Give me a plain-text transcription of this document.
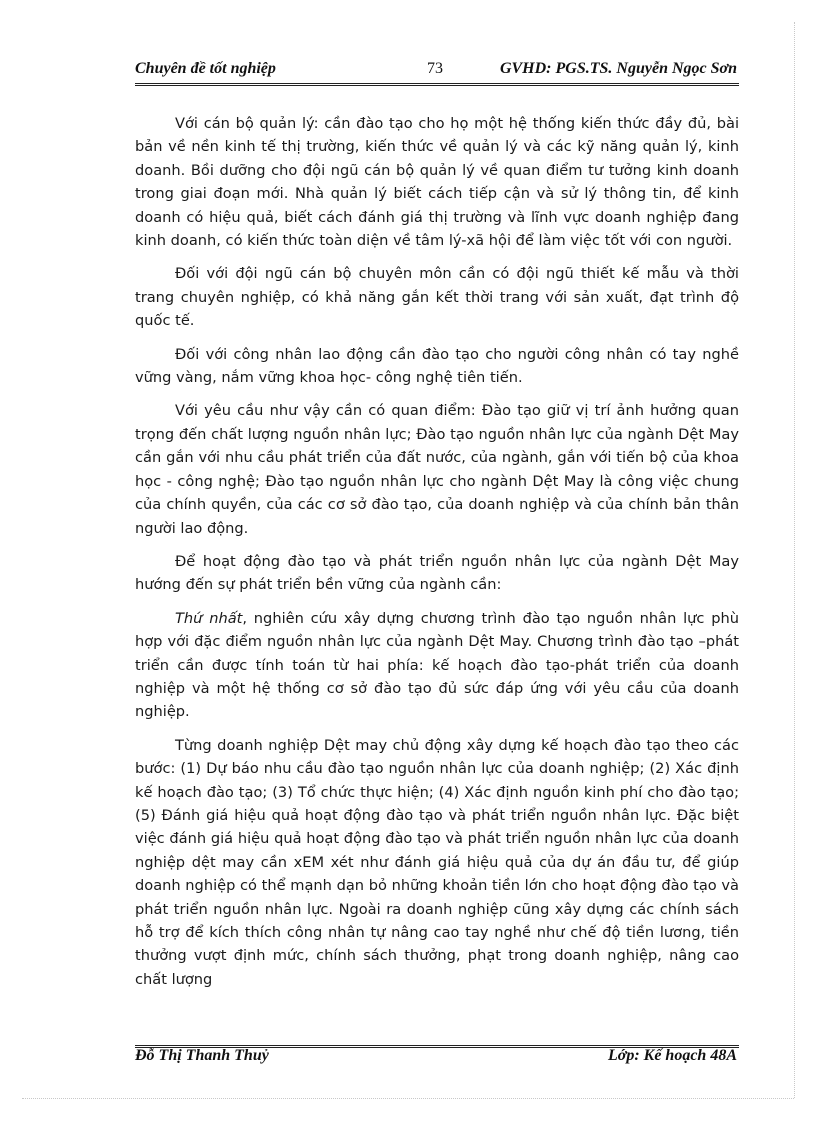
Chuyên đề tốt nghiệp	73	GVHD: PGS.TS. Nguyễn Ngọc Sơn

Với cán bộ quản lý: cần đào tạo cho họ một hệ thống kiến thức đầy đủ, bài bản về nền kinh tế thị trường, kiến thức về quản lý và các kỹ năng quản lý, kinh doanh. Bồi dưỡng cho đội ngũ cán bộ quản lý về quan điểm tư tưởng kinh doanh trong giai đoạn mới. Nhà quản lý biết cách tiếp cận và sử lý thông tin, để kinh doanh có hiệu quả, biết cách đánh giá thị trường và lĩnh vực doanh nghiệp đang kinh doanh, có kiến thức toàn diện về tâm lý-xã hội để làm việc tốt với con người.

Đối với đội ngũ cán bộ chuyên môn cần có đội ngũ thiết kế mẫu và thời trang chuyên nghiệp, có khả năng gắn kết thời trang với sản xuất, đạt trình độ quốc tế.

Đối với công nhân lao động cần đào tạo cho người công nhân có tay nghề vững vàng, nắm vững khoa học- công nghệ tiên tiến.

Với yêu cầu như vậy cần có quan điểm: Đào tạo giữ vị trí ảnh hưởng quan trọng đến chất lượng nguồn nhân lực; Đào tạo nguồn nhân lực của ngành Dệt May cần gắn với nhu cầu phát triển của đất nước, của ngành, gắn với tiến bộ của khoa học - công nghệ; Đào tạo nguồn nhân lực cho ngành Dệt May là công việc chung của chính quyền, của các cơ sở đào tạo, của doanh nghiệp và của chính bản thân người lao động.

Để hoạt động đào tạo và phát triển nguồn nhân lực của ngành Dệt May hướng đến sự phát triển bền vững của ngành cần:

Thứ nhất, nghiên cứu xây dựng chương trình đào tạo nguồn nhân lực phù hợp với đặc điểm nguồn nhân lực của ngành Dệt May. Chương trình đào tạo –phát triển cần được tính toán từ hai phía: kế hoạch đào tạo-phát triển của doanh nghiệp và một hệ thống cơ sở đào tạo đủ sức đáp ứng với yêu cầu của doanh nghiệp.

Từng doanh nghiệp Dệt may chủ động xây dựng kế hoạch đào tạo theo các bước: (1) Dự báo nhu cầu đào tạo nguồn nhân lực của doanh nghiệp; (2) Xác định kế hoạch đào tạo; (3) Tổ chức thực hiện; (4) Xác định nguồn kinh phí cho đào tạo; (5) Đánh giá hiệu quả hoạt động đào tạo và phát triển nguồn nhân lực. Đặc biệt việc đánh giá hiệu quả hoạt động đào tạo và phát triển nguồn nhân lực của doanh nghiệp dệt may cần xEM xét như đánh giá hiệu quả của dự án đầu tư, để giúp doanh nghiệp có thể mạnh dạn bỏ những khoản tiền lớn cho hoạt động đào tạo và phát triển nguồn nhân lực. Ngoài ra doanh nghiệp cũng xây dựng các chính sách hỗ trợ để kích thích công nhân tự nâng cao tay nghề như chế độ tiền lương, tiền thưởng vượt định mức, chính sách thưởng, phạt trong doanh nghiệp, nâng cao chất lượng

Đỗ Thị Thanh Thuỷ	Lớp: Kế hoạch 48A
